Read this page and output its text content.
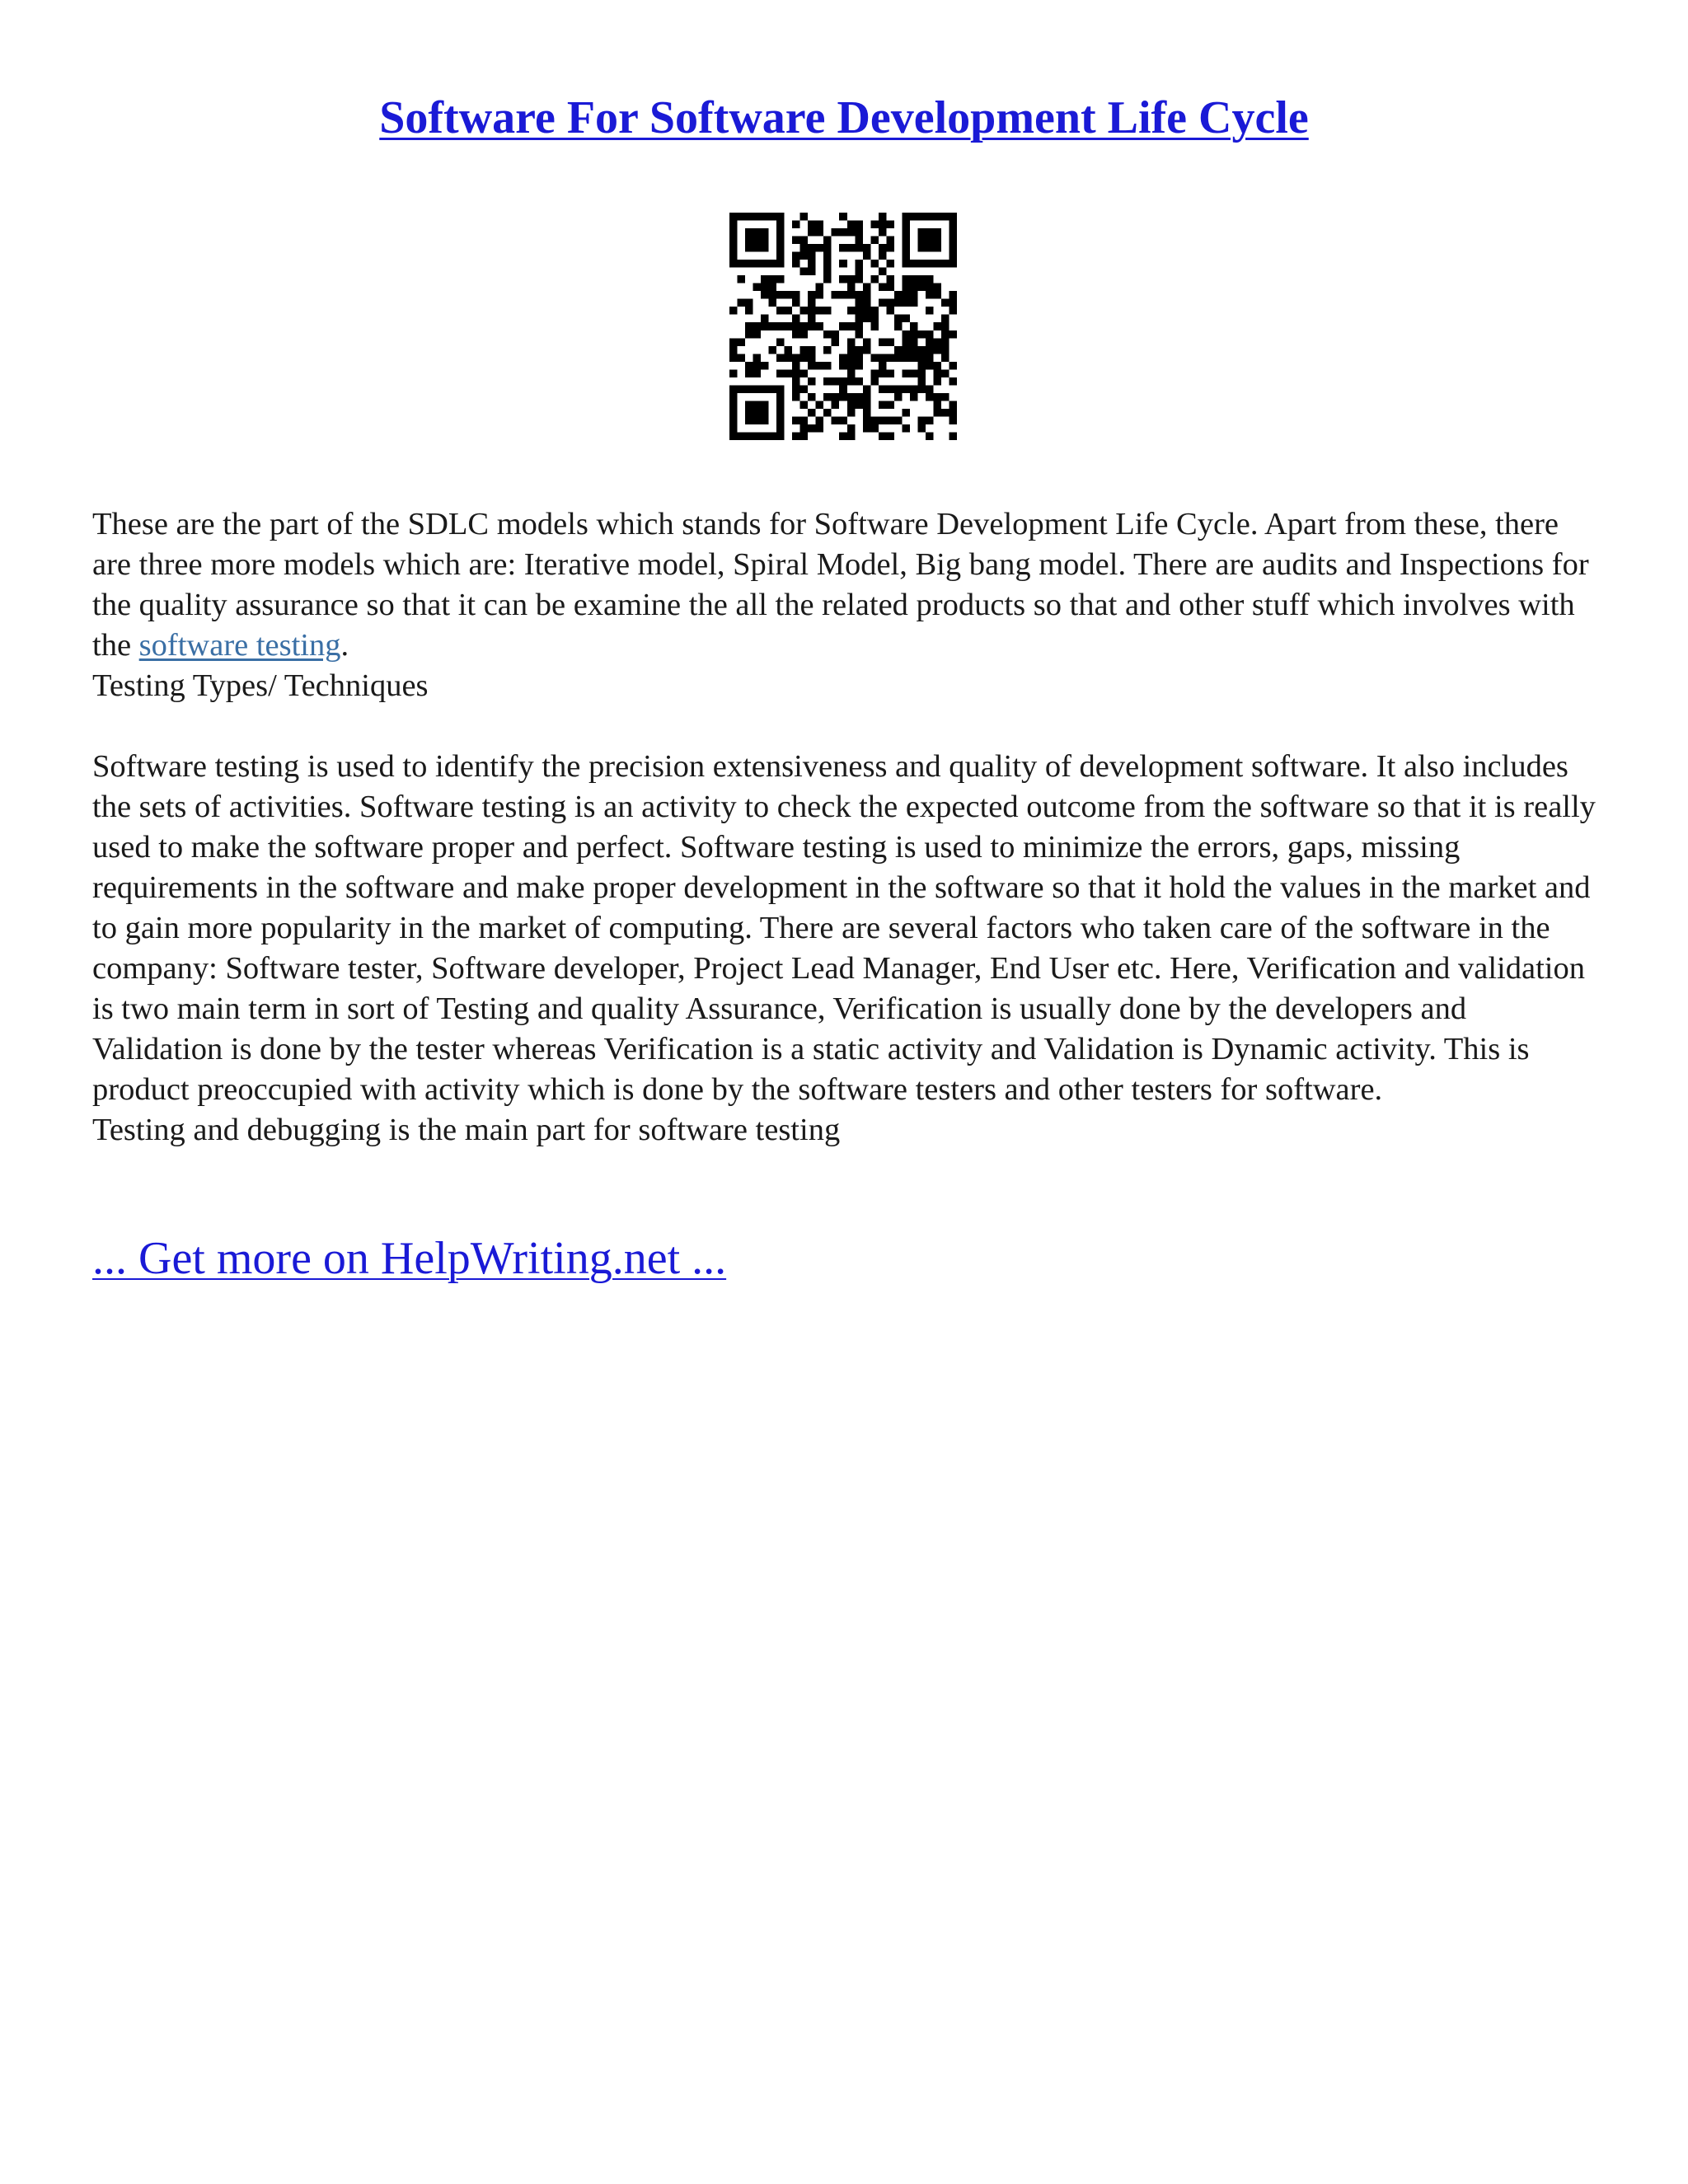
Software For Software Development Life Cycle

These are the part of the SDLC models which stands for Software Development Life Cycle. Apart from these, there are three more models which are: Iterative model, Spiral Model, Big bang model. There are audits and Inspections for the quality assurance so that it can be examine the all the related products so that and other stuff which involves with the software testing.

Testing Types/ Techniques

Software testing is used to identify the precision extensiveness and quality of development software. It also includes the sets of activities. Software testing is an activity to check the expected outcome from the software so that it is really used to make the software proper and perfect. Software testing is used to minimize the errors, gaps, missing requirements in the software and make proper development in the software so that it hold the values in the market and to gain more popularity in the market of computing. There are several factors who taken care of the software in the company: Software tester, Software developer, Project Lead Manager, End User etc. Here, Verification and validation is two main term in sort of Testing and quality Assurance, Verification is usually done by the developers and Validation is done by the tester whereas Verification is a static activity and Validation is Dynamic activity. This is product preoccupied with activity which is done by the software testers and other testers for software.

Testing and debugging is the main part for software testing

... Get more on HelpWriting.net ...
